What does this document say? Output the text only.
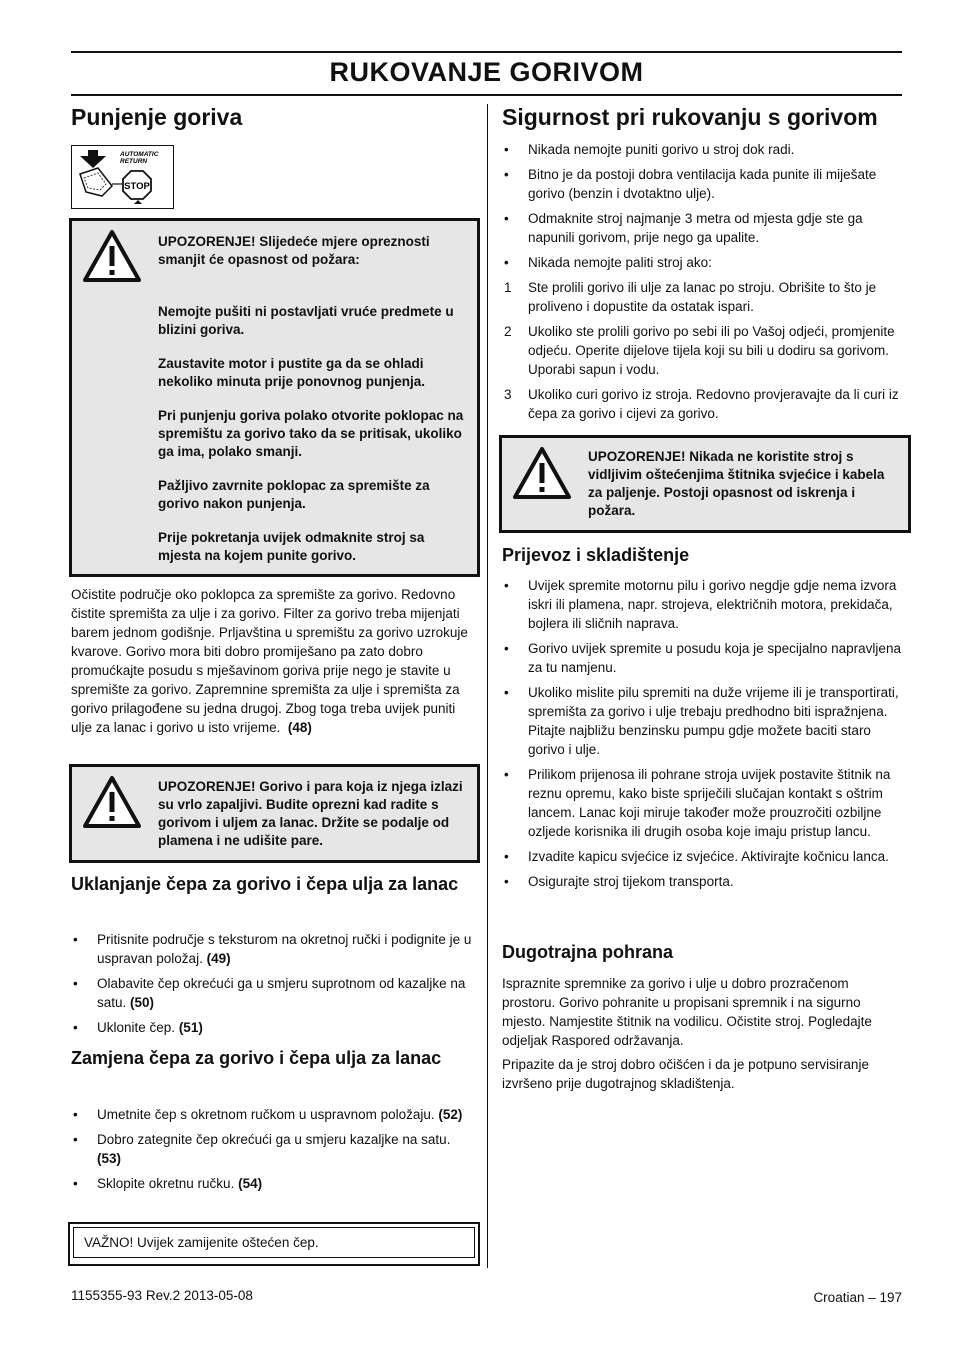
RUKOVANJE GORIVOM
Punjenje goriva
AUTOMATIC
RETURN
STOP

UPOZORENJE! Slijedeće mjere opreznosti smanjit će opasnost od požara:

Nemojte pušiti ni postavljati vruće predmete u blizini goriva.

Zaustavite motor i pustite ga da se ohladi nekoliko minuta prije ponovnog punjenja.

Pri punjenju goriva polako otvorite poklopac na spremištu za gorivo tako da se pritisak, ukoliko ga ima, polako smanji.

Pažljivo zavrnite poklopac za spremište za gorivo nakon punjenja.

Prije pokretanja uvijek odmaknite stroj sa mjesta na kojem punite gorivo.

Očistite područje oko poklopca za spremište za gorivo. Redovno čistite spremišta za ulje i za gorivo. Filter za gorivo treba mijenjati barem jednom godišnje. Prljavština u spremištu za gorivo uzrokuje kvarove. Gorivo mora biti dobro promiješano pa zato dobro promućkajte posudu s mješavinom goriva prije nego je stavite u spremište za gorivo. Zapremnine spremišta za ulje i spremišta za gorivo prilagođene su jedna drugoj. Zbog toga treba uvijek puniti ulje za lanac i gorivo u isto vrijeme. (48)

UPOZORENJE! Gorivo i para koja iz njega izlazi su vrlo zapaljivi. Budite oprezni kad radite s gorivom i uljem za lanac. Držite se podalje od plamena i ne udišite pare.

Uklanjanje čepa za gorivo i čepa ulja za lanac
• Pritisnite područje s teksturom na okretnoj ručki i podignite je u uspravan položaj. (49)
• Olabavite čep okrećući ga u smjeru suprotnom od kazaljke na satu. (50)
• Uklonite čep. (51)
Zamjena čepa za gorivo i čepa ulja za lanac
• Umetnite čep s okretnom ručkom u uspravnom položaju. (52)
• Dobro zategnite čep okrećući ga u smjeru kazaljke na satu. (53)
• Sklopite okretnu ručku. (54)
VAŽNO! Uvijek zamijenite oštećen čep.
Sigurnost pri rukovanju s gorivom
• Nikada nemojte puniti gorivo u stroj dok radi.
• Bitno je da postoji dobra ventilacija kada punite ili miješate gorivo (benzin i dvotaktno ulje).
• Odmaknite stroj najmanje 3 metra od mjesta gdje ste ga napunili gorivom, prije nego ga upalite.
• Nikada nemojte paliti stroj ako:
1 Ste prolili gorivo ili ulje za lanac po stroju. Obrišite to što je proliveno i dopustite da ostatak ispari.
2 Ukoliko ste prolili gorivo po sebi ili po Vašoj odjeći, promjenite odjeću. Operite dijelove tijela koji su bili u dodiru sa gorivom. Uporabi sapun i vodu.
3 Ukoliko curi gorivo iz stroja. Redovno provjeravajte da li curi iz čepa za gorivo i cijevi za gorivo.

UPOZORENJE! Nikada ne koristite stroj s vidljivim oštećenjima štitnika svjećice i kabela za paljenje. Postoji opasnost od iskrenja i požara.

Prijevoz i skladištenje
• Uvijek spremite motornu pilu i gorivo negdje gdje nema izvora iskri ili plamena, napr. strojeva, električnih motora, prekidača, bojlera ili sličnih naprava.
• Gorivo uvijek spremite u posudu koja je specijalno napravljena za tu namjenu.
• Ukoliko mislite pilu spremiti na duže vrijeme ili je transportirati, spremišta za gorivo i ulje trebaju predhodno biti ispražnjena. Pitajte najbližu benzinsku pumpu gdje možete baciti staro gorivo i ulje.
• Prilikom prijenosa ili pohrane stroja uvijek postavite štitnik na reznu opremu, kako biste spriječili slučajan kontakt s oštrim lancem. Lanac koji miruje također može prouzročiti ozbiljne ozljede korisnika ili drugih osoba koje imaju pristup lancu.
• Izvadite kapicu svjećice iz svjećice. Aktivirajte kočnicu lanca.
• Osigurajte stroj tijekom transporta.
Dugotrajna pohrana

Ispraznite spremnike za gorivo i ulje u dobro prozračenom prostoru. Gorivo pohranite u propisani spremnik i na sigurno mjesto. Namjestite štitnik na vodilicu. Očistite stroj. Pogledajte odjeljak Raspored održavanja.

Pripazite da je stroj dobro očišćen i da je potpuno servisiranje izvršeno prije dugotrajnog skladištenja.

1155355-93 Rev.2 2013-05-08	Croatian – 197
